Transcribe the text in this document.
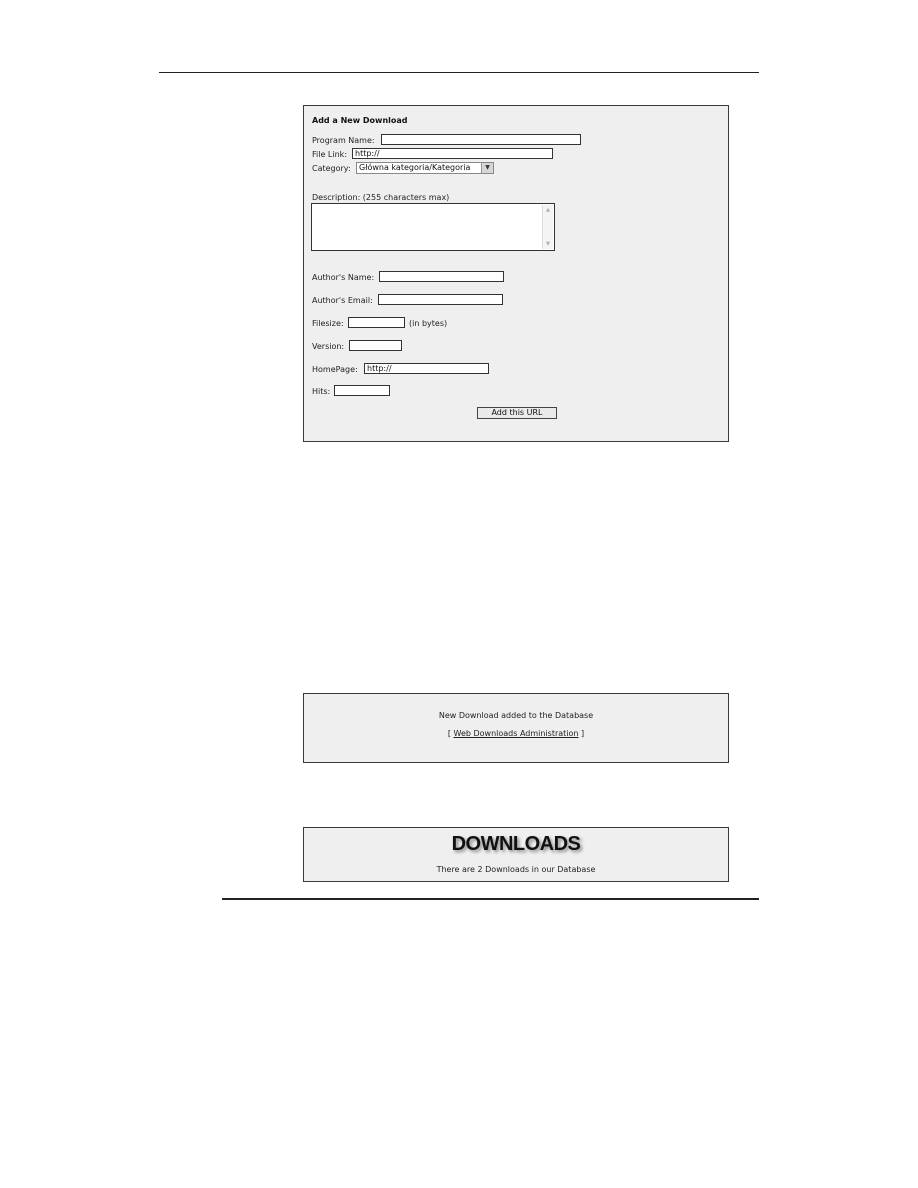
Add a New Download
Program Name:
File Link:
http://
Category:	Główna kategoria/Kategoria	▼
Description: (255 characters max)
▲
▼
Author's Name:
Author's Email:
Filesize:	(in bytes)
Version:
HomePage:
http://
Hits:
Add this URL
New Download added to the Database
[ Web Downloads Administration ]
DOWNLOADS
There are 2 Downloads in our Database
